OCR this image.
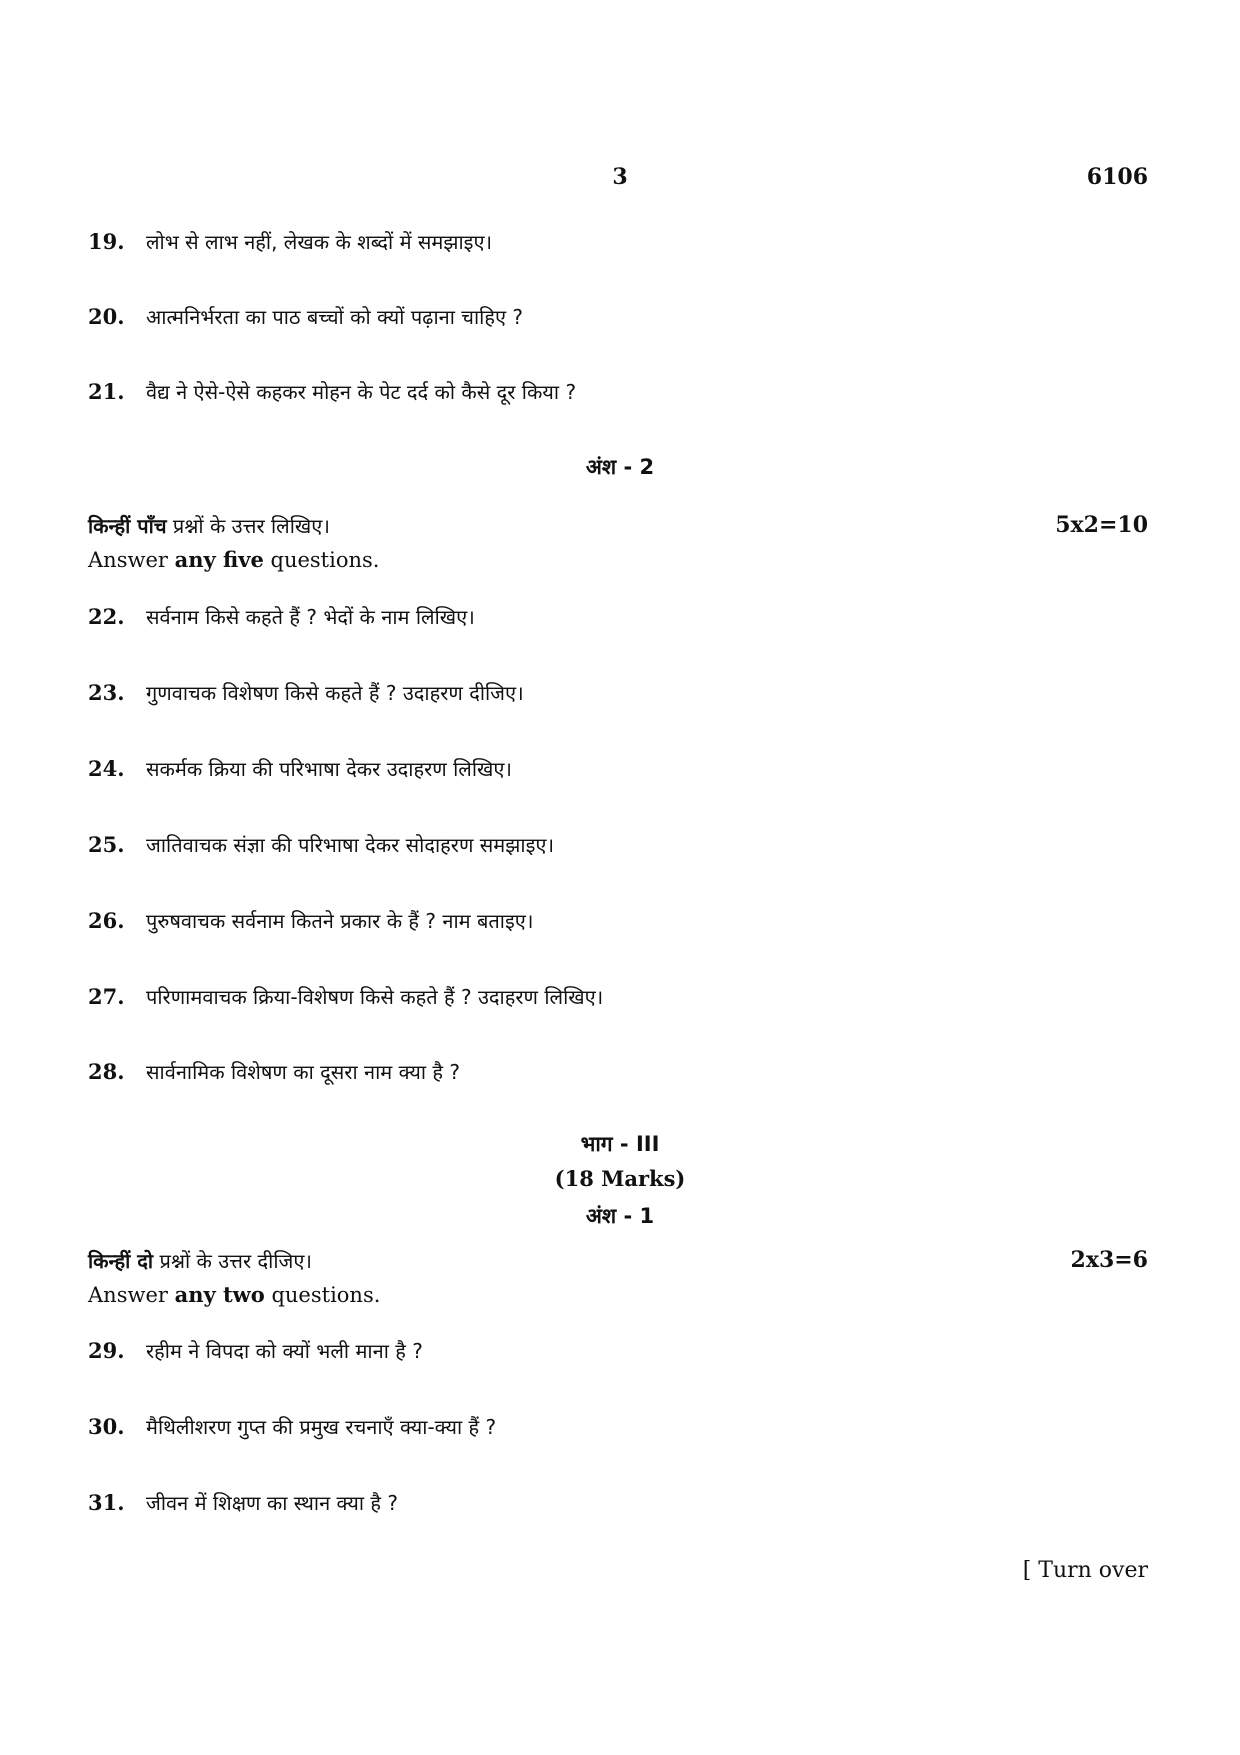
3	6106
19. लोभ से लाभ नहीं, लेखक के शब्दों में समझाइए।
20. आत्मनिर्भरता का पाठ बच्चों को क्यों पढ़ाना चाहिए ?
21. वैद्य ने ऐसे-ऐसे कहकर मोहन के पेट दर्द को कैसे दूर किया ?
अंश - 2
किन्हीं पाँच प्रश्नों के उत्तर लिखिए।	5x2=10
Answer any five questions.
22. सर्वनाम किसे कहते हैं ? भेदों के नाम लिखिए।
23. गुणवाचक विशेषण किसे कहते हैं ? उदाहरण दीजिए।
24. सकर्मक क्रिया की परिभाषा देकर उदाहरण लिखिए।
25. जातिवाचक संज्ञा की परिभाषा देकर सोदाहरण समझाइए।
26. पुरुषवाचक सर्वनाम कितने प्रकार के हैं ? नाम बताइए।
27. परिणामवाचक क्रिया-विशेषण किसे कहते हैं ? उदाहरण लिखिए।
28. सार्वनामिक विशेषण का दूसरा नाम क्या है ?
भाग - III
(18 Marks)
अंश - 1
किन्हीं दो प्रश्नों के उत्तर दीजिए।	2x3=6
Answer any two questions.
29. रहीम ने विपदा को क्यों भली माना है ?
30. मैथिलीशरण गुप्त की प्रमुख रचनाएँ क्या-क्या हैं ?
31. जीवन में शिक्षण का स्थान क्या है ?
[ Turn over
